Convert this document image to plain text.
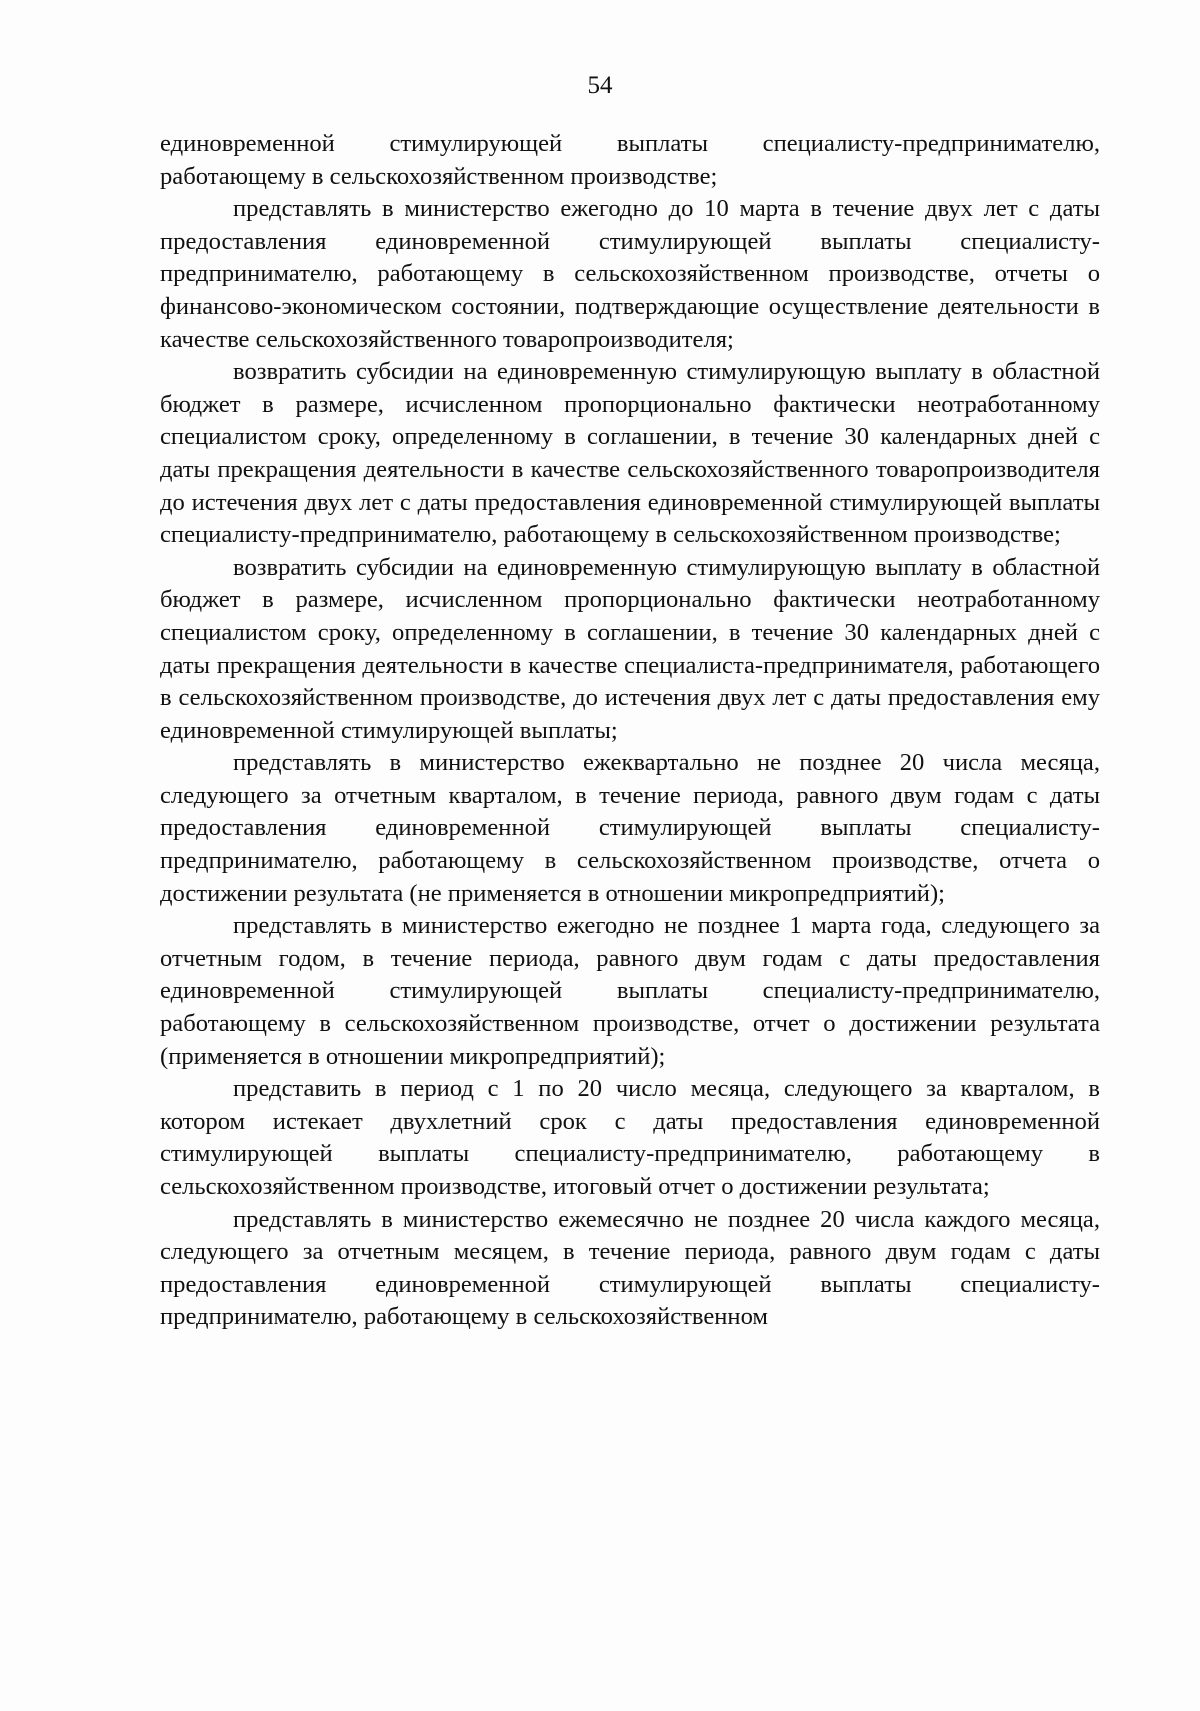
54

единовременной стимулирующей выплаты специалисту-предпринимателю, работающему в сельскохозяйственном производстве;

представлять в министерство ежегодно до 10 марта в течение двух лет с даты предоставления единовременной стимулирующей выплаты специалисту-предпринимателю, работающему в сельскохозяйственном производстве, отчеты о финансово-экономическом состоянии, подтверждающие осуществление деятельности в качестве сельскохозяйственного товаропроизводителя;

возвратить субсидии на единовременную стимулирующую выплату в областной бюджет в размере, исчисленном пропорционально фактически неотработанному специалистом сроку, определенному в соглашении, в течение 30 календарных дней с даты прекращения деятельности в качестве сельскохозяйственного товаропроизводителя до истечения двух лет с даты предоставления единовременной стимулирующей выплаты специалисту-предпринимателю, работающему в сельскохозяйственном производстве;

возвратить субсидии на единовременную стимулирующую выплату в областной бюджет в размере, исчисленном пропорционально фактически неотработанному специалистом сроку, определенному в соглашении, в течение 30 календарных дней с даты прекращения деятельности в качестве специалиста-предпринимателя, работающего в сельскохозяйственном производстве, до истечения двух лет с даты предоставления ему единовременной стимулирующей выплаты;

представлять в министерство ежеквартально не позднее 20 числа месяца, следующего за отчетным кварталом, в течение периода, равного двум годам с даты предоставления единовременной стимулирующей выплаты специалисту-предпринимателю, работающему в сельскохозяйственном производстве, отчета о достижении результата (не применяется в отношении микропредприятий);

представлять в министерство ежегодно не позднее 1 марта года, следующего за отчетным годом, в течение периода, равного двум годам с даты предоставления единовременной стимулирующей выплаты специалисту-предпринимателю, работающему в сельскохозяйственном производстве, отчет о достижении результата (применяется в отношении микропредприятий);

представить в период с 1 по 20 число месяца, следующего за кварталом, в котором истекает двухлетний срок с даты предоставления единовременной стимулирующей выплаты специалисту-предпринимателю, работающему в сельскохозяйственном производстве, итоговый отчет о достижении результата;

представлять в министерство ежемесячно не позднее 20 числа каждого месяца, следующего за отчетным месяцем, в течение периода, равного двум годам с даты предоставления единовременной стимулирующей выплаты специалисту-предпринимателю, работающему в сельскохозяйственном
